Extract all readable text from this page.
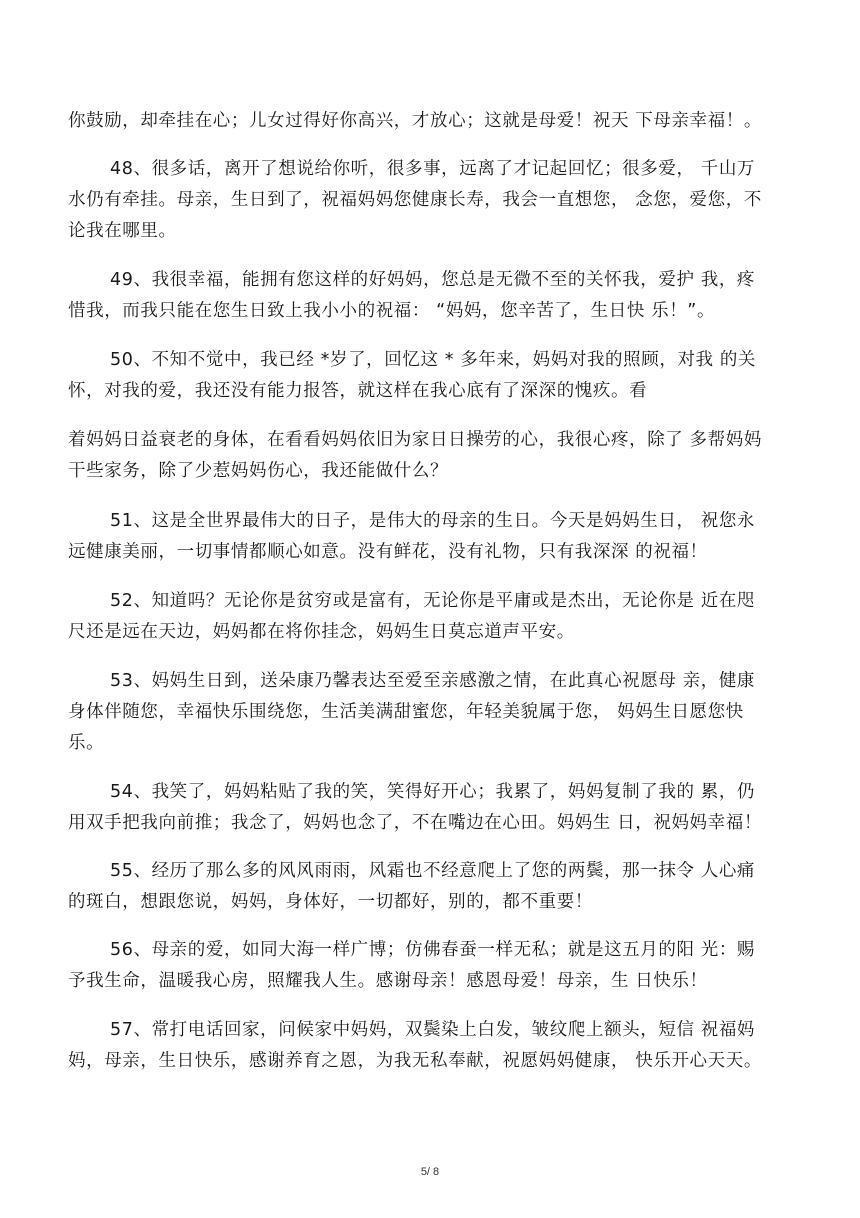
你鼓励，却牵挂在心；儿女过得好你高兴，才放心；这就是母爱！祝天 下母亲幸福！。

48、很多话，离开了想说给你听，很多事，远离了才记起回忆；很多爱， 千山万水仍有牵挂。母亲，生日到了，祝福妈妈您健康长寿，我会一直想您， 念您，爱您，不论我在哪里。

49、我很幸福，能拥有您这样的好妈妈，您总是无微不至的关怀我，爱护 我，疼惜我，而我只能在您生日致上我小小的祝福： “妈妈，您辛苦了，生日快 乐！”。

50、不知不觉中，我已经 *岁了，回忆这 * 多年来，妈妈对我的照顾，对我 的关怀，对我的爱，我还没有能力报答，就这样在我心底有了深深的愧疚。看

着妈妈日益衰老的身体，在看看妈妈依旧为家日日操劳的心，我很心疼，除了 多帮妈妈干些家务，除了少惹妈妈伤心，我还能做什么？

51、这是全世界最伟大的日子，是伟大的母亲的生日。今天是妈妈生日， 祝您永远健康美丽，一切事情都顺心如意。没有鲜花，没有礼物，只有我深深 的祝福！

52、知道吗？无论你是贫穷或是富有，无论你是平庸或是杰出，无论你是 近在咫尺还是远在天边，妈妈都在将你挂念，妈妈生日莫忘道声平安。

53、妈妈生日到，送朵康乃馨表达至爱至亲感激之情，在此真心祝愿母 亲，健康身体伴随您，幸福快乐围绕您，生活美满甜蜜您，年轻美貌属于您， 妈妈生日愿您快乐。

54、我笑了，妈妈粘贴了我的笑，笑得好开心；我累了，妈妈复制了我的 累，仍用双手把我向前推；我念了，妈妈也念了，不在嘴边在心田。妈妈生 日，祝妈妈幸福！

55、经历了那么多的风风雨雨，风霜也不经意爬上了您的两鬓，那一抹令 人心痛的斑白，想跟您说，妈妈，身体好，一切都好，别的，都不重要！

56、母亲的爱，如同大海一样广博；仿佛春蚕一样无私；就是这五月的阳 光：赐予我生命，温暖我心房，照耀我人生。感谢母亲！感恩母爱！母亲，生 日快乐！

57、常打电话回家，问候家中妈妈，双鬓染上白发，皱纹爬上额头，短信 祝福妈妈，母亲，生日快乐，感谢养育之恩，为我无私奉献，祝愿妈妈健康， 快乐开心天天。

5/ 8
